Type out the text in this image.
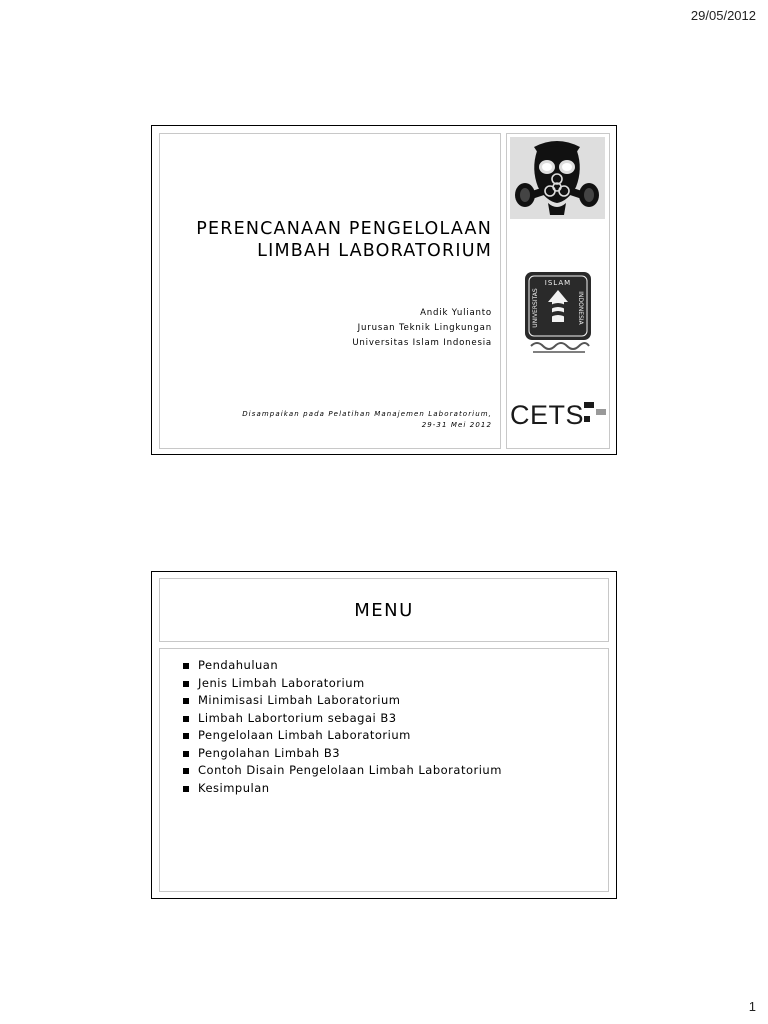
29/05/2012
PERENCANAAN PENGELOLAAN
LIMBAH LABORATORIUM
Andik Yulianto
Jurusan Teknik Lingkungan
Universitas Islam Indonesia
Disampaikan pada Pelatihan Manajemen Laboratorium,
29-31 Mei 2012
ISLAM
UNIVERSITAS	INDONESIA
CETS
MENU
Pendahuluan
Jenis Limbah Laboratorium
Minimisasi Limbah Laboratorium
Limbah Labortorium sebagai B3
Pengelolaan Limbah Laboratorium
Pengolahan Limbah B3
Contoh Disain Pengelolaan Limbah Laboratorium
Kesimpulan
1
